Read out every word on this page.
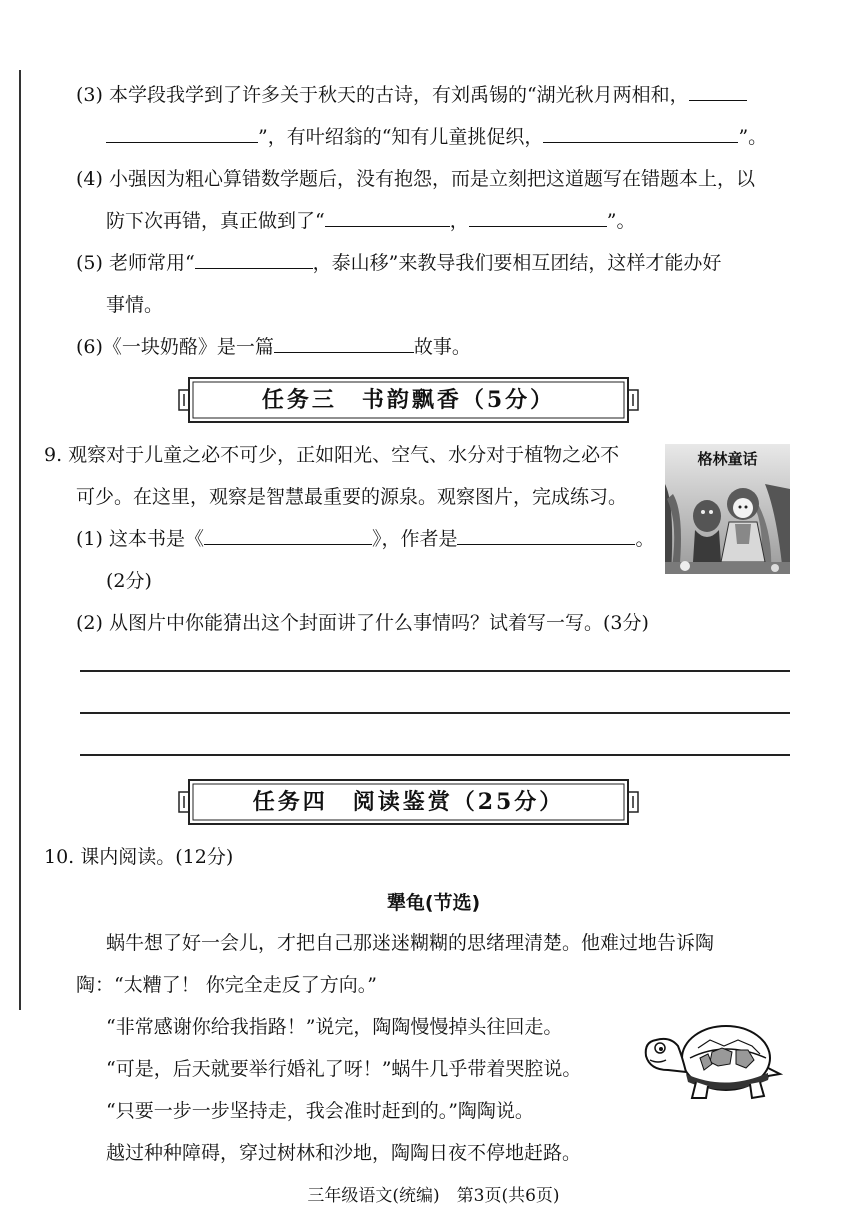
(3) 本学段我学到了许多关于秋天的古诗，有刘禹锡的“湖光秋月两相和，
”，有叶绍翁的“知有儿童挑促织，	”。
(4) 小强因为粗心算错数学题后，没有抱怨，而是立刻把这道题写在错题本上，以
防下次再错，真正做到了“	，	”。
(5) 老师常用“	，泰山移”来教导我们要相互团结，这样才能办好
事情。
(6)《一块奶酪》是一篇	故事。
任务三　书韵飘香（5分）
9. 观察对于儿童之必不可少，正如阳光、空气、水分对于植物之必不
可少。在这里，观察是智慧最重要的源泉。观察图片，完成练习。
(1) 这本书是《	》，作者是	。
(2分)
(2) 从图片中你能猜出这个封面讲了什么事情吗？试着写一写。(3分)
格林童话
任务四　阅读鉴赏（25分）
10. 课内阅读。(12分)
犟龟(节选)
蜗牛想了好一会儿，才把自己那迷迷糊糊的思绪理清楚。他难过地告诉陶
陶：“太糟了！ 你完全走反了方向。”
“非常感谢你给我指路！”说完，陶陶慢慢掉头往回走。
“可是，后天就要举行婚礼了呀！”蜗牛几乎带着哭腔说。
“只要一步一步坚持走，我会准时赶到的。”陶陶说。
越过种种障碍，穿过树林和沙地，陶陶日夜不停地赶路。
三年级语文(统编)　第3页(共6页)
